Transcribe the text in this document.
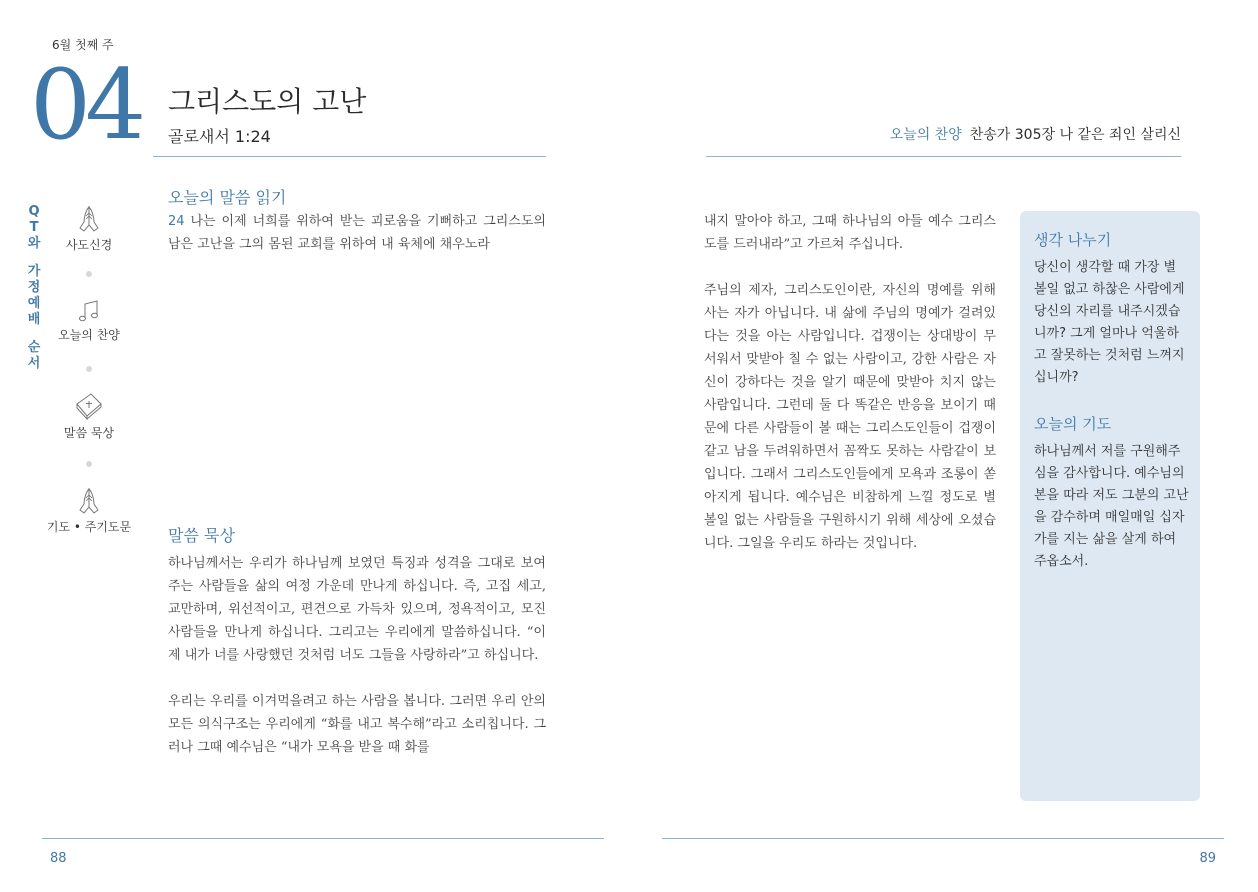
6월 첫째 주
04 그리스도의 고난
골로새서 1:24	오늘의 찬양 찬송가 305장 나 같은 죄인 살리신
Q
T
와
가
정
예
배
순
서
사도신경
오늘의 찬양
말씀 묵상
기도 • 주기도문
오늘의 말씀 읽기
24 나는 이제 너희를 위하여 받는 괴로움을 기뻐하고 그리스도의 남은 고난을 그의 몸된 교회를 위하여 내 육체에 채우노라
말씀 묵상

하나님께서는 우리가 하나님께 보였던 특징과 성격을 그대로 보여주는 사람들을 삶의 여정 가운데 만나게 하십니다. 즉, 고집 세고, 교만하며, 위선적이고, 편견으로 가득차 있으며, 정욕적이고, 모진 사람들을 만나게 하십니다. 그리고는 우리에게 말씀하십니다. “이제 내가 너를 사랑했던 것처럼 너도 그들을 사랑하라”고 하십니다.

우리는 우리를 이겨먹을려고 하는 사람을 봅니다. 그러면 우리 안의 모든 의식구조는 우리에게 “화를 내고 복수해”라고 소리칩니다. 그러나 그때 예수님은 “내가 모욕을 받을 때 화를

내지 말아야 하고, 그때 하나님의 아들 예수 그리스도를 드러내라”고 가르쳐 주십니다.

주님의 제자, 그리스도인이란, 자신의 명예를 위해 사는 자가 아닙니다. 내 삶에 주님의 명예가 걸려있다는 것을 아는 사람입니다. 겁쟁이는 상대방이 무서워서 맞받아 칠 수 없는 사람이고, 강한 사람은 자신이 강하다는 것을 알기 때문에 맞받아 치지 않는 사람입니다. 그런데 둘 다 똑같은 반응을 보이기 때문에 다른 사람들이 볼 때는 그리스도인들이 겁쟁이 같고 남을 두려워하면서 꼼짝도 못하는 사람같이 보입니다. 그래서 그리스도인들에게 모욕과 조롱이 쏟아지게 됩니다. 예수님은 비참하게 느낄 정도로 별 볼일 없는 사람들을 구원하시기 위해 세상에 오셨습니다. 그일을 우리도 하라는 것입니다.

생각 나누기
당신이 생각할 때 가장 별 볼일 없고 하찮은 사람에게 당신의 자리를 내주시겠습니까? 그게 얼마나 억울하고 잘못하는 것처럼 느껴지십니까?
오늘의 기도
하나님께서 저를 구원해주심을 감사합니다. 예수님의 본을 따라 저도 그분의 고난을 감수하며 매일매일 십자가를 지는 삶을 살게 하여 주옵소서.
88	89
